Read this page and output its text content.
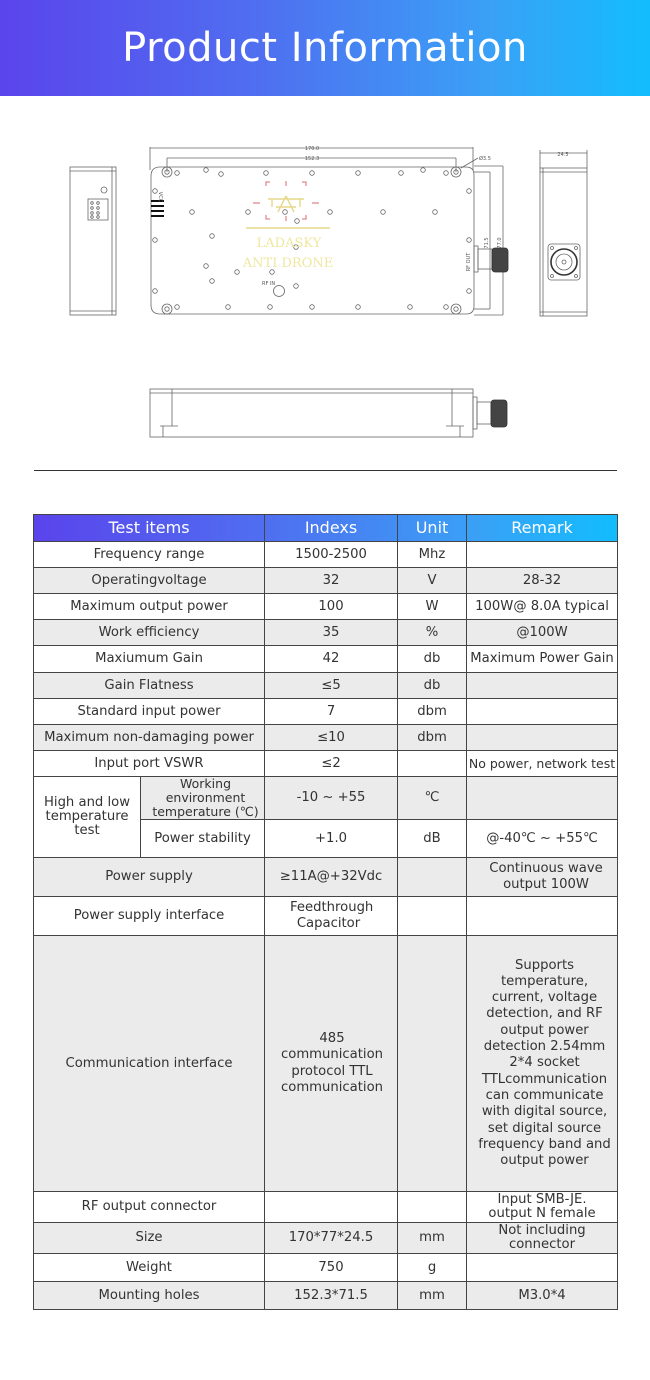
Product Information
LADASKY
ANTI DRONE
170.0
152.3	Ø3.5
24.5
71.5 77.0
RF OUT
RF IN
VCC
Test items		Indexs	Unit	Remark
Frequency range		1500-2500	Mhz	
Operatingvoltage		32	V	28-32
Maximum output power		100	W	100W@ 8.0A typical
Work efficiency		35	%	@100W
Maxiumum Gain		42	db	Maximum Power Gain
Gain Flatness		≤5	db	
Standard input power		7	dbm	
Maximum non-damaging power		≤10	dbm	
Input port VSWR		≤2		No power, network test
High and low temperature test	Working environment temperature (℃)	-10 ~ +55	℃	
	Power stability	+1.0	dB	@-40℃ ~ +55℃
Power supply		≥11A@+32Vdc		Continuous wave output 100W
Power supply interface		Feedthrough Capacitor		
Communication interface		485 communication protocol TTL communication		Supports temperature, current, voltage detection, and RF output power detection 2.54mm 2*4 socket TTLcommunication can communicate with digital source, set digital source frequency band and output power
RF output connector				Input SMB-JE. output N female
Size		170*77*24.5	mm	Not including connector
Weight		750	g	
Mounting holes		152.3*71.5	mm	M3.0*4
